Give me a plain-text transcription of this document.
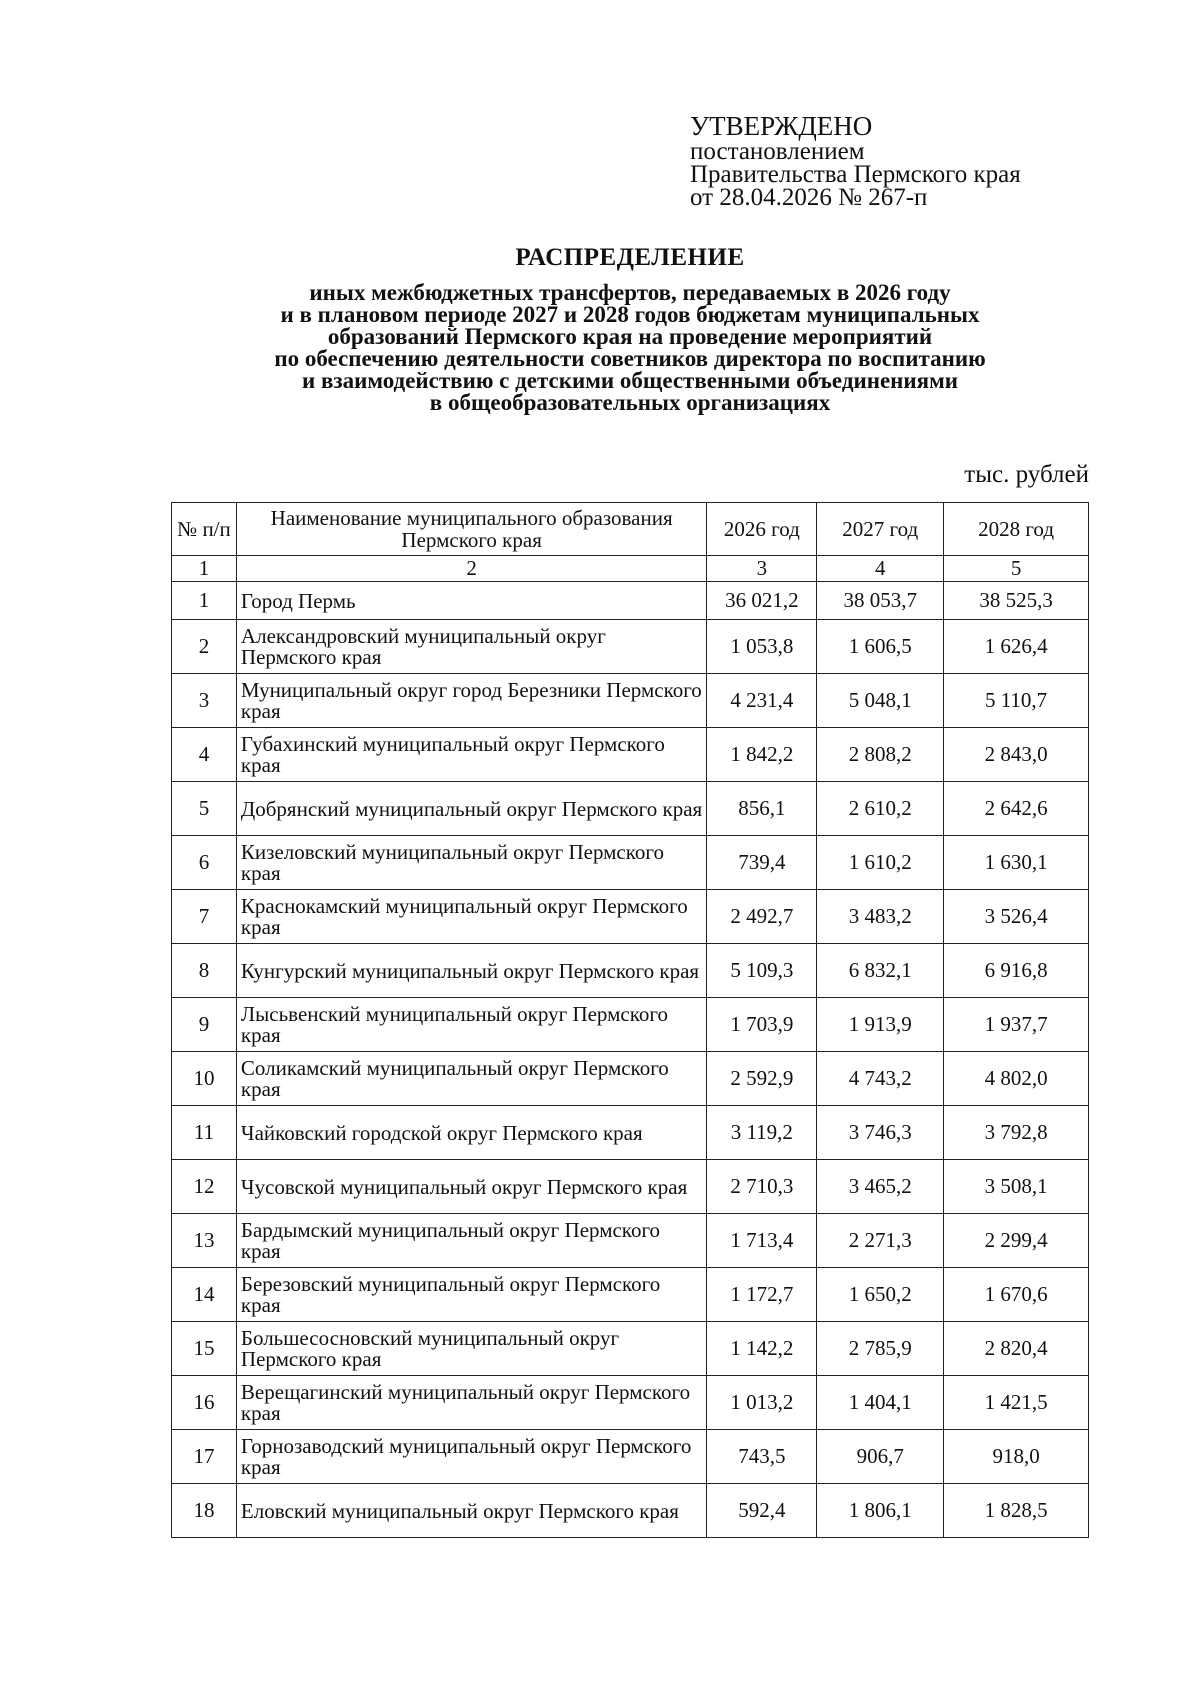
УТВЕРЖДЕНО
постановлением
Правительства Пермского края
от 28.04.2026 № 267-п
РАСПРЕДЕЛЕНИЕ
иных межбюджетных трансфертов, передаваемых в 2026 году
и в плановом периоде 2027 и 2028 годов бюджетам муниципальных
образований Пермского края на проведение мероприятий
по обеспечению деятельности советников директора по воспитанию
и взаимодействию с детскими общественными объединениями
в общеобразовательных организациях
тыс. рублей
№ п/п	Наименование муниципального образования Пермского края	2026 год	2027 год	2028 год
1	2	3	4	5
1	Город Пермь	36 021,2	38 053,7	38 525,3
2	Александровский муниципальный округ Пермского края	1 053,8	1 606,5	1 626,4
3	Муниципальный округ город Березники Пермского края	4 231,4	5 048,1	5 110,7
4	Губахинский муниципальный округ Пермского края	1 842,2	2 808,2	2 843,0
5	Добрянский муниципальный округ Пермского края	856,1	2 610,2	2 642,6
6	Кизеловский муниципальный округ Пермского края	739,4	1 610,2	1 630,1
7	Краснокамский муниципальный округ Пермского края	2 492,7	3 483,2	3 526,4
8	Кунгурский муниципальный округ Пермского края	5 109,3	6 832,1	6 916,8
9	Лысьвенский муниципальный округ Пермского края	1 703,9	1 913,9	1 937,7
10	Соликамский муниципальный округ Пермского края	2 592,9	4 743,2	4 802,0
11	Чайковский городской округ Пермского края	3 119,2	3 746,3	3 792,8
12	Чусовской муниципальный округ Пермского края	2 710,3	3 465,2	3 508,1
13	Бардымский муниципальный округ Пермского края	1 713,4	2 271,3	2 299,4
14	Березовский муниципальный округ Пермского края	1 172,7	1 650,2	1 670,6
15	Большесосновский муниципальный округ Пермского края	1 142,2	2 785,9	2 820,4
16	Верещагинский муниципальный округ Пермского края	1 013,2	1 404,1	1 421,5
17	Горнозаводский муниципальный округ Пермского края	743,5	906,7	918,0
18	Еловский муниципальный округ Пермского края	592,4	1 806,1	1 828,5
